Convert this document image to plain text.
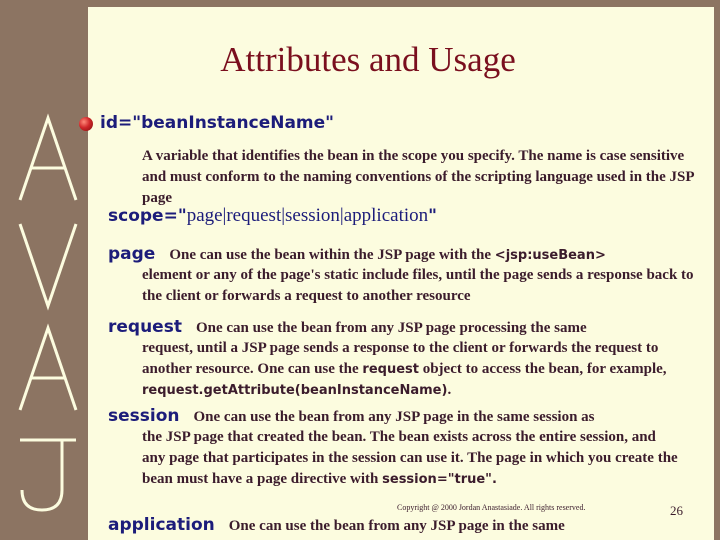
Attributes and Usage
id="beanInstanceName"
A variable that identifies the bean in the scope you specify. The name is case sensitive and must conform to the naming conventions of the scripting language used in the JSP page
scope="page|request|session|application"
page One can use the bean within the JSP page with the <jsp:useBean>
element or any of the page's static include files, until the page sends a response back to the client or forwards a request to another resource
request One can use the bean from any JSP page processing the same
request, until a JSP page sends a response to the client or forwards the request to another resource. One can use the request object to access the bean, for example, request.getAttribute(beanInstanceName).
session One can use the bean from any JSP page in the same session as
the JSP page that created the bean. The bean exists across the entire session, and any page that participates in the session can use it. The page in which you create the bean must have a page directive with session="true".
application One can use the bean from any JSP page in the same
Copyright @ 2000 Jordan Anastasiade. All rights reserved.	26
